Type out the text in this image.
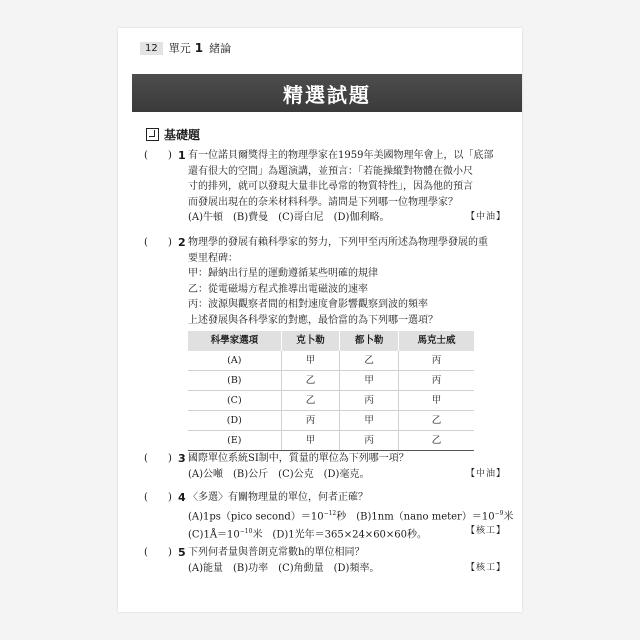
12	單元 1 緒論
精選試題
基礎題
( ) 1 有一位諾貝爾獎得主的物理學家在1959年美國物理年會上，以「底部
還有很大的空間」為題演講，並預言：「若能操縱對物體在微小尺
寸的排列，就可以發現大量非比尋常的物質特性」，因為他的預言
而發展出現在的奈米材料科學。請問是下列哪一位物理學家？
(A)牛頓　(B)費曼　(C)哥白尼　(D)伽利略。	【中油】
( ) 2 物理學的發展有賴科學家的努力，下列甲至丙所述為物理學發展的重
要里程碑：
甲：歸納出行星的運動遵循某些明確的規律
乙：從電磁場方程式推導出電磁波的速率
丙：波源與觀察者間的相對速度會影響觀察到波的頻率
上述發展與各科學家的對應，最恰當的為下列哪一選項？
科學家選項	克卜勒	都卜勒	馬克士威
(A)	甲	乙	丙
(B)	乙	甲	丙
(C)	乙	丙	甲
(D)	丙	甲	乙
(E)	甲	丙	乙
( ) 3 國際單位系統SI制中，質量的單位為下列哪一項？
(A)公噸　(B)公斤　(C)公克　(D)毫克。	【中油】
( ) 4 〈多選〉有關物理量的單位，何者正確？
(A)1ps（pico $second)=10^{-12}$秒　(B)1nm（nano $meter)=10^{-9}$米
$(C)1Å=10^{-10}$米　(D)1光年＝365×24×60×60秒。	【核工】
( ) 5 下列何者量與普朗克常數h的單位相同？
(A)能量　(B)功率　(C)角動量　(D)頻率。	【核工】
